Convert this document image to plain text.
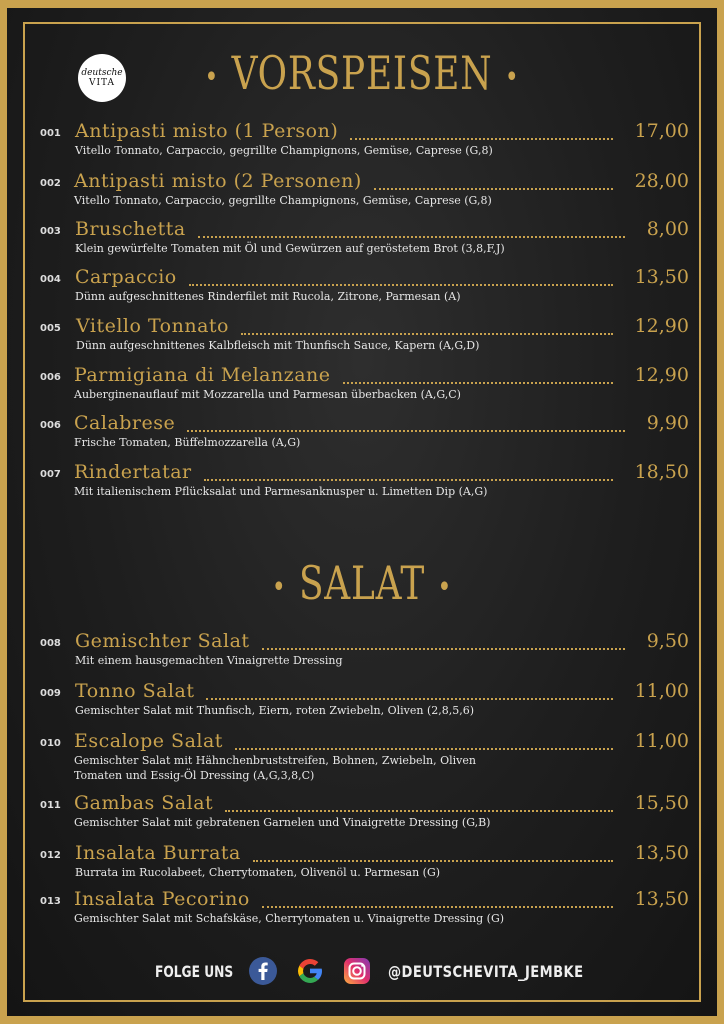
deutsche
VITA	• VORSPEISEN •
001 Antipasti misto (1 Person)	17,00
Vitello Tonnato, Carpaccio, gegrillte Champignons, Gemüse, Caprese (G,8)
002 Antipasti misto (2 Personen)	28,00
Vitello Tonnato, Carpaccio, gegrillte Champignons, Gemüse, Caprese (G,8)
003 Bruschetta	8,00
Klein gewürfelte Tomaten mit Öl und Gewürzen auf geröstetem Brot (3,8,F,J)
004 Carpaccio	13,50
Dünn aufgeschnittenes Rinderfilet mit Rucola, Zitrone, Parmesan (A)
005 Vitello Tonnato	12,90
Dünn aufgeschnittenes Kalbfleisch mit Thunfisch Sauce, Kapern (A,G,D)
006 Parmigiana di Melanzane	12,90
Auberginenauflauf mit Mozzarella und Parmesan überbacken (A,G,C)
006 Calabrese	9,90
Frische Tomaten, Büffelmozzarella (A,G)
007 Rindertatar	18,50
Mit italienischem Pflücksalat und Parmesanknusper u. Limetten Dip (A,G)
• SALAT •
008 Gemischter Salat	9,50
Mit einem hausgemachten Vinaigrette Dressing
009 Tonno Salat	11,00
Gemischter Salat mit Thunfisch, Eiern, roten Zwiebeln, Oliven (2,8,5,6)
010 Escalope Salat	11,00
Gemischter Salat mit Hähnchenbruststreifen, Bohnen, Zwiebeln, Oliven
Tomaten und Essig-Öl Dressing (A,G,3,8,C)
011 Gambas Salat	15,50
Gemischter Salat mit gebratenen Garnelen und Vinaigrette Dressing (G,B)
012 Insalata Burrata	13,50
Burrata im Rucolabeet, Cherrytomaten, Olivenöl u. Parmesan (G)
013 Insalata Pecorino	13,50
Gemischter Salat mit Schafskäse, Cherrytomaten u. Vinaigrette Dressing (G)
FOLGE UNS	@DEUTSCHEVITA_JEMBKE
